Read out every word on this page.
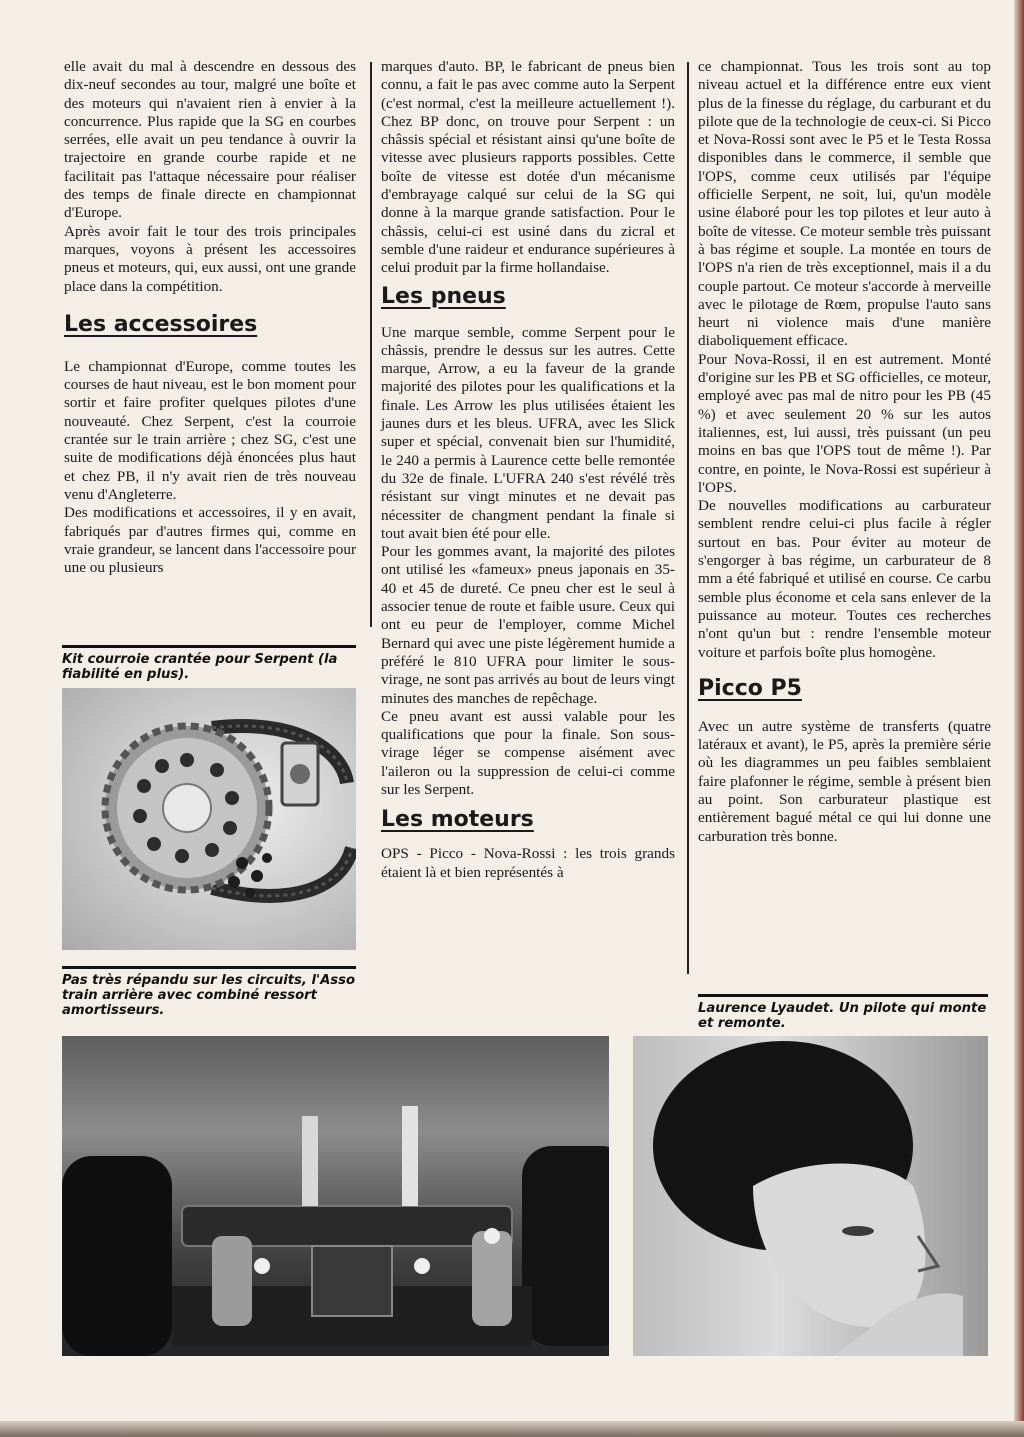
elle avait du mal à descendre en dessous des dix-neuf secondes au tour, malgré une boîte et des moteurs qui n'avaient rien à envier à la concurrence. Plus rapide que la SG en courbes serrées, elle avait un peu tendance à ouvrir la trajectoire en grande courbe rapide et ne facilitait pas l'attaque nécessaire pour réaliser des temps de finale directe en championnat d'Europe.

Après avoir fait le tour des trois principales marques, voyons à présent les accessoires pneus et moteurs, qui, eux aussi, ont une grande place dans la compétition.

Les accessoires

Le championnat d'Europe, comme toutes les courses de haut niveau, est le bon moment pour sortir et faire profiter quelques pilotes d'une nouveauté. Chez Serpent, c'est la courroie crantée sur le train arrière ; chez SG, c'est une suite de modifications déjà énoncées plus haut et chez PB, il n'y avait rien de très nouveau venu d'Angleterre.

Des modifications et accessoires, il y en avait, fabriqués par d'autres firmes qui, comme en vraie grandeur, se lancent dans l'accessoire pour une ou plusieurs

marques d'auto. BP, le fabricant de pneus bien connu, a fait le pas avec comme auto la Serpent (c'est normal, c'est la meilleure actuellement !). Chez BP donc, on trouve pour Serpent : un châssis spécial et résistant ainsi qu'une boîte de vitesse avec plusieurs rapports possibles. Cette boîte de vitesse est dotée d'un mécanisme d'embrayage calqué sur celui de la SG qui donne à la marque grande satisfaction. Pour le châssis, celui-ci est usiné dans du zicral et semble d'une raideur et endurance supérieures à celui produit par la firme hollandaise.

Les pneus

Une marque semble, comme Serpent pour le châssis, prendre le dessus sur les autres. Cette marque, Arrow, a eu la faveur de la grande majorité des pilotes pour les qualifications et la finale. Les Arrow les plus utilisées étaient les jaunes durs et les bleus. UFRA, avec les Slick super et spécial, convenait bien sur l'humidité, le 240 a permis à Laurence cette belle remontée du 32e de finale. L'UFRA 240 s'est révélé très résistant sur vingt minutes et ne devait pas nécessiter de changment pendant la finale si tout avait bien été pour elle.

Pour les gommes avant, la majorité des pilotes ont utilisé les «fameux» pneus japonais en 35-40 et 45 de dureté. Ce pneu cher est le seul à associer tenue de route et faible usure. Ceux qui ont eu peur de l'employer, comme Michel Bernard qui avec une piste légèrement humide a préféré le 810 UFRA pour limiter le sous-virage, ne sont pas arrivés au bout de leurs vingt minutes des manches de repêchage.

Ce pneu avant est aussi valable pour les qualifications que pour la finale. Son sous-virage léger se compense aisément avec l'aileron ou la suppression de celui-ci comme sur les Serpent.

Les moteurs

OPS - Picco - Nova-Rossi : les trois grands étaient là et bien représentés à

ce championnat. Tous les trois sont au top niveau actuel et la différence entre eux vient plus de la finesse du réglage, du carburant et du pilote que de la technologie de ceux-ci. Si Picco et Nova-Rossi sont avec le P5 et le Testa Rossa disponibles dans le commerce, il semble que l'OPS, comme ceux utilisés par l'équipe officielle Serpent, ne soit, lui, qu'un modèle usine élaboré pour les top pilotes et leur auto à boîte de vitesse. Ce moteur semble très puissant à bas régime et souple. La montée en tours de l'OPS n'a rien de très exceptionnel, mais il a du couple partout. Ce moteur s'accorde à merveille avec le pilotage de Rœm, propulse l'auto sans heurt ni violence mais d'une manière diaboliquement efficace.

Pour Nova-Rossi, il en est autrement. Monté d'origine sur les PB et SG officielles, ce moteur, employé avec pas mal de nitro pour les PB (45 %) et avec seulement 20 % sur les autos italiennes, est, lui aussi, très puissant (un peu moins en bas que l'OPS tout de même !). Par contre, en pointe, le Nova-Rossi est supérieur à l'OPS.

De nouvelles modifications au carburateur semblent rendre celui-ci plus facile à régler surtout en bas. Pour éviter au moteur de s'engorger à bas régime, un carburateur de 8 mm a été fabriqué et utilisé en course. Ce carbu semble plus économe et cela sans enlever de la puissance au moteur. Toutes ces recherches n'ont qu'un but : rendre l'ensemble moteur voiture et parfois boîte plus homogène.

Picco P5

Avec un autre système de transferts (quatre latéraux et avant), le P5, après la première série où les diagrammes un peu faibles semblaient faire plafonner le régime, semble à présent bien au point. Son carburateur plastique est entièrement bagué métal ce qui lui donne une carburation très bonne.

Kit courroie crantée pour Serpent (la fiabilité en plus).
Pas très répandu sur les circuits, l'Asso train arrière avec combiné ressort amortisseurs.	Laurence Lyaudet. Un pilote qui monte et remonte.
